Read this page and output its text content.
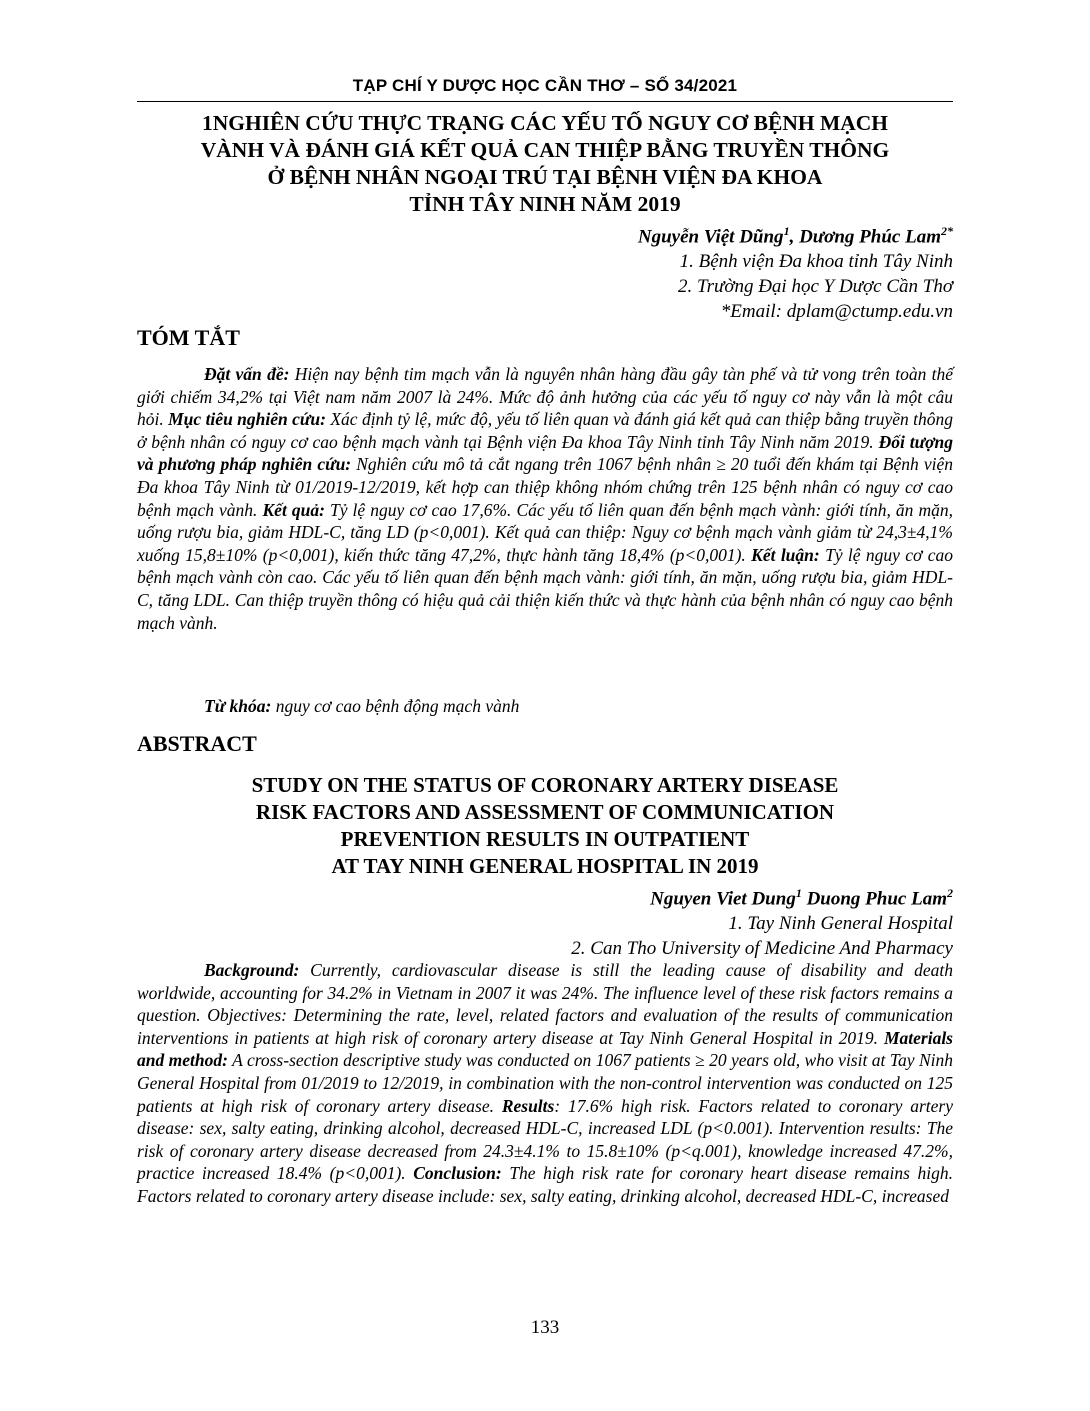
TẠP CHÍ Y DƯỢC HỌC CẦN THƠ – SỐ 34/2021
1NGHIÊN CỨU THỰC TRẠNG CÁC YẾU TỐ NGUY CƠ BỆNH MẠCH
VÀNH VÀ ĐÁNH GIÁ KẾT QUẢ CAN THIỆP BẰNG TRUYỀN THÔNG
Ở BỆNH NHÂN NGOẠI TRÚ TẠI BỆNH VIỆN ĐA KHOA
TỈNH TÂY NINH NĂM 2019
Nguyễn Việt Dũng$^1$, Dương Phúc Lam$^{2*}$
1. Bệnh viện Đa khoa tỉnh Tây Ninh
2. Trường Đại học Y Dược Cần Thơ
*Email: dplam@ctump.edu.vn
TÓM TẮT
Đặt vấn đề: Hiện nay bệnh tim mạch vẫn là nguyên nhân hàng đầu gây tàn phế và tử vong trên toàn thế giới chiếm 34,2% tại Việt nam năm 2007 là 24%. Mức độ ảnh hưởng của các yếu tố nguy cơ này vẫn là một câu hỏi. Mục tiêu nghiên cứu: Xác định tỷ lệ, mức độ, yếu tố liên quan và đánh giá kết quả can thiệp bằng truyền thông ở bệnh nhân có nguy cơ cao bệnh mạch vành tại Bệnh viện Đa khoa Tây Ninh tỉnh Tây Ninh năm 2019. Đối tượng và phương pháp nghiên cứu: Nghiên cứu mô tả cắt ngang trên 1067 bệnh nhân ≥ 20 tuổi đến khám tại Bệnh viện Đa khoa Tây Ninh từ 01/2019-12/2019, kết hợp can thiệp không nhóm chứng trên 125 bệnh nhân có nguy cơ cao bệnh mạch vành. Kết quả: Tỷ lệ nguy cơ cao 17,6%. Các yếu tố liên quan đến bệnh mạch vành: giới tính, ăn mặn, uống rượu bia, giảm HDL-C, tăng LD (p<0,001). Kết quả can thiệp: Nguy cơ bệnh mạch vành giảm từ 24,3±4,1% xuống 15,8±10% (p<0,001), kiến thức tăng 47,2%, thực hành tăng 18,4% (p<0,001). Kết luận: Tỷ lệ nguy cơ cao bệnh mạch vành còn cao. Các yếu tố liên quan đến bệnh mạch vành: giới tính, ăn mặn, uống rượu bia, giảm HDL-C, tăng LDL. Can thiệp truyền thông có hiệu quả cải thiện kiến thức và thực hành của bệnh nhân có nguy cao bệnh mạch vành.
Từ khóa: nguy cơ cao bệnh động mạch vành
ABSTRACT
STUDY ON THE STATUS OF CORONARY ARTERY DISEASE
RISK FACTORS AND ASSESSMENT OF COMMUNICATION
PREVENTION RESULTS IN OUTPATIENT
AT TAY NINH GENERAL HOSPITAL IN 2019
Nguyen Viet Dung$^1$ Duong Phuc Lam$^2$
1. Tay Ninh General Hospital
2. Can Tho University of Medicine And Pharmacy
Background: Currently, cardiovascular disease is still the leading cause of disability and death worldwide, accounting for 34.2% in Vietnam in 2007 it was 24%. The influence level of these risk factors remains a question. Objectives: Determining the rate, level, related factors and evaluation of the results of communication interventions in patients at high risk of coronary artery disease at Tay Ninh General Hospital in 2019. Materials and method: A cross-section descriptive study was conducted on 1067 patients ≥ 20 years old, who visit at Tay Ninh General Hospital from 01/2019 to 12/2019, in combination with the non-control intervention was conducted on 125 patients at high risk of coronary artery disease. Results: 17.6% high risk. Factors related to coronary artery disease: sex, salty eating, drinking alcohol, decreased HDL-C, increased LDL (p<0.001). Intervention results: The risk of coronary artery disease decreased from 24.3±4.1% to 15.8±10% (p<q.001), knowledge increased 47.2%, practice increased 18.4% (p<0,001). Conclusion: The high risk rate for coronary heart disease remains high. Factors related to coronary artery disease include: sex, salty eating, drinking alcohol, decreased HDL-C, increased
133
